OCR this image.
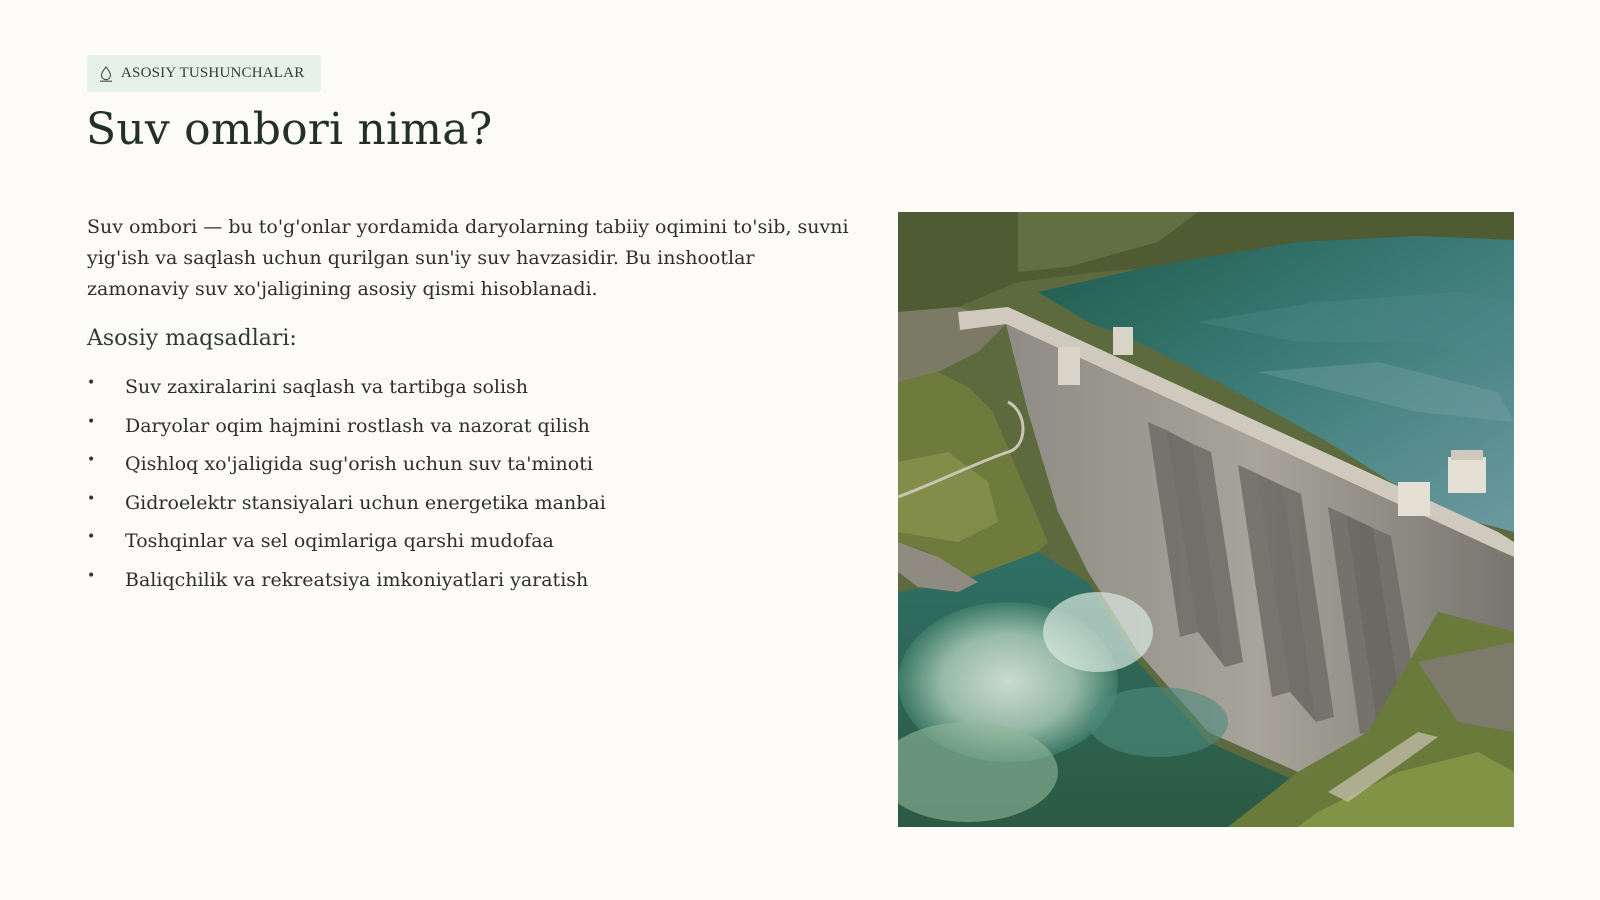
ASOSIY TUSHUNCHALAR
Suv ombori nima?

Suv ombori — bu to'g'onlar yordamida daryolarning tabiiy oqimini to'sib, suvni yig'ish va saqlash uchun qurilgan sun'iy suv havzasidir. Bu inshootlar zamonaviy suv xo'jaligining asosiy qismi hisoblanadi.

Asosiy maqsadlari:
• Suv zaxiralarini saqlash va tartibga solish
• Daryolar oqim hajmini rostlash va nazorat qilish
• Qishloq xo'jaligida sug'orish uchun suv ta'minoti
• Gidroelektr stansiyalari uchun energetika manbai
• Toshqinlar va sel oqimlariga qarshi mudofaa
• Baliqchilik va rekreatsiya imkoniyatlari yaratish
